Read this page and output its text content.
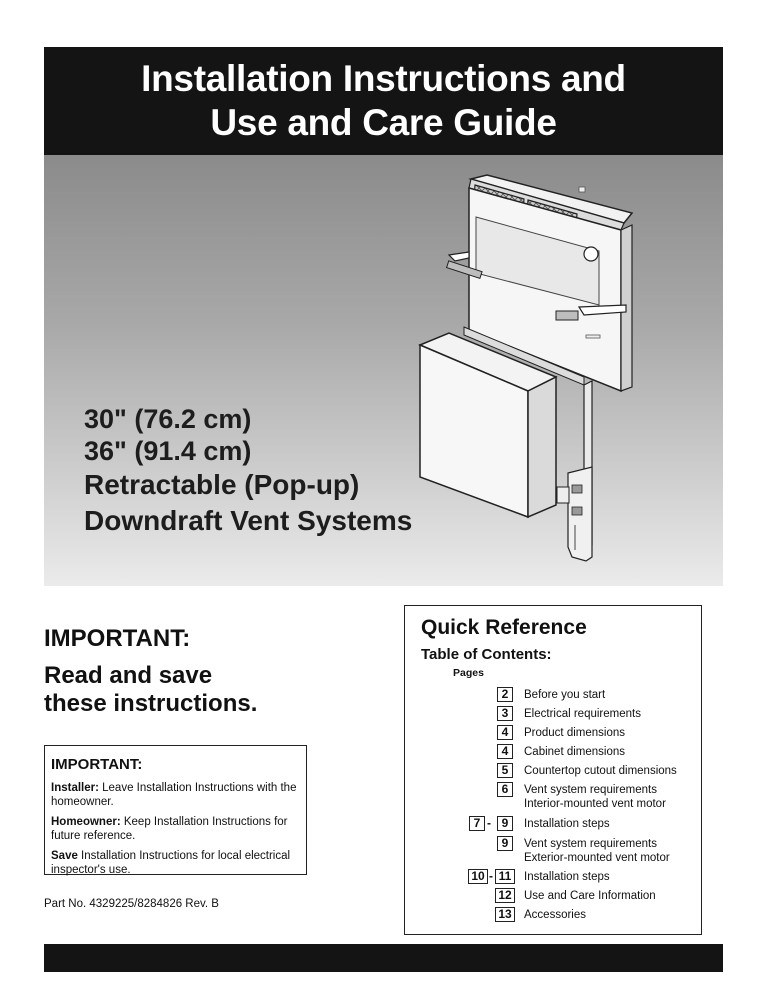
Installation Instructions and
Use and Care Guide
30" (76.2 cm)
36" (91.4 cm)
Retractable (Pop-up)
Downdraft Vent Systems
IMPORTANT:
Read and save
these instructions.
IMPORTANT:

Installer: Leave Installation Instructions with the homeowner.

Homeowner: Keep Installation Instructions for future reference.

Save Installation Instructions for local electrical inspector's use.

Part No. 4329225/8284826 Rev. B
Quick Reference
Table of Contents:
Pages
2	Before you start
3	Electrical requirements
4	Product dimensions
4	Cabinet dimensions
5	Countertop cutout dimensions
6	Vent system requirements
Interior-mounted vent motor
7 - 9	Installation steps
9	Vent system requirements
Exterior-mounted vent motor
10 - 11	Installation steps
12 Use and Care Information
13 Accessories
